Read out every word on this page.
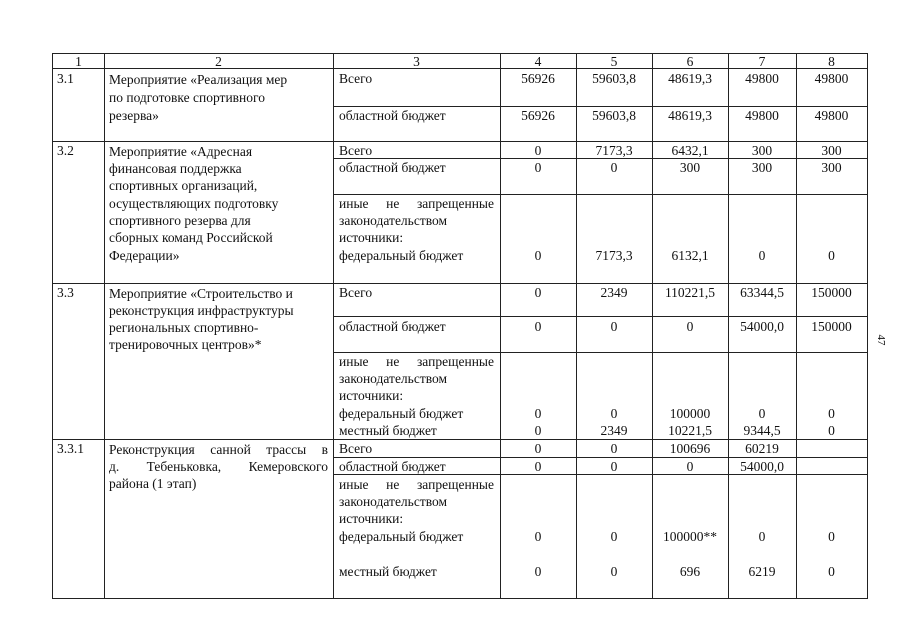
1	2	3	4	5	6	7	8
3.1	Мероприятие «Реализация мер
по подготовке спортивного
резерва»
Всего	56926	59603,8	48619,3	49800	49800
областной бюджет	56926	59603,8	48619,3	49800	49800
3.2	Мероприятие «Адресная
финансовая поддержка
спортивных организаций,
осуществляющих подготовку
спортивного резерва для
сборных команд Российской
Федерации»
Всего	0	7173,3	6432,1	300	300
областной бюджет	0	0	300	300	300
иные не запрещенные
законодательством
источники:
федеральный бюджет	0	7173,3	6132,1	0	0
3.3	Мероприятие «Строительство и
реконструкция инфраструктуры
региональных спортивно-
тренировочных центров»*
Всего	0	2349	110221,5	63344,5	150000
областной бюджет	0	0	0	54000,0	150000
иные не запрещенные
законодательством
источники:
федеральный бюджет	0	0	100000	0	0
местный бюджет	0	2349	10221,5	9344,5	0
3.3.1 Реконструкция санной трассы в
д. Тебеньковка, Кемеровского
района (1 этап)
Всего	0	0	100696	60219
областной бюджет	0	0	0	54000,0
иные не запрещенные
законодательством
источники:
федеральный бюджет	0	0	100000**	0	0
местный бюджет	0	0	696	6219	0
47
